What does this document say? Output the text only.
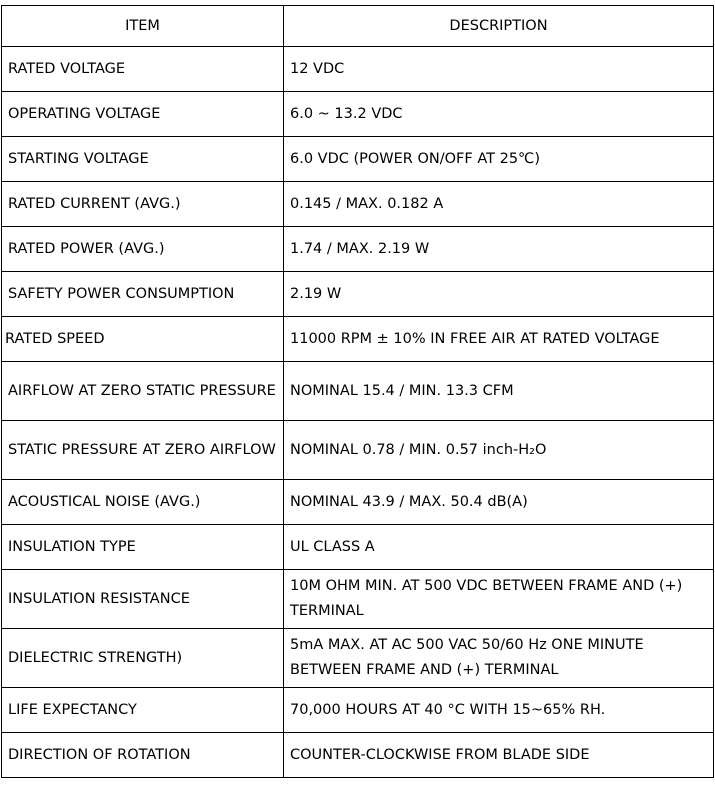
ITEM	DESCRIPTION
RATED VOLTAGE	12 VDC
OPERATING VOLTAGE	6.0 ~ 13.2 VDC
STARTING VOLTAGE	6.0 VDC (POWER ON/OFF AT 25℃)
RATED CURRENT (AVG.)	0.145 / MAX. 0.182 A
RATED POWER (AVG.)	1.74 / MAX. 2.19 W
SAFETY POWER CONSUMPTION	2.19 W
RATED SPEED	11000 RPM ± 10% IN FREE AIR AT RATED VOLTAGE
AIRFLOW AT ZERO STATIC PRESSURE	NOMINAL 15.4 / MIN. 13.3 CFM
STATIC PRESSURE AT ZERO AIRFLOW	NOMINAL 0.78 / MIN. 0.57 inch-H₂O
ACOUSTICAL NOISE (AVG.)	NOMINAL 43.9 / MAX. 50.4 dB(A)
INSULATION TYPE	UL CLASS A
INSULATION RESISTANCE	10M OHM MIN. AT 500 VDC BETWEEN FRAME AND (+) TERMINAL
DIELECTRIC STRENGTH)	5mA MAX. AT AC 500 VAC 50/60 Hz ONE MINUTE BETWEEN FRAME AND (+) TERMINAL
LIFE EXPECTANCY	70,000 HOURS AT 40 °C WITH 15~65% RH.
DIRECTION OF ROTATION	COUNTER-CLOCKWISE FROM BLADE SIDE
